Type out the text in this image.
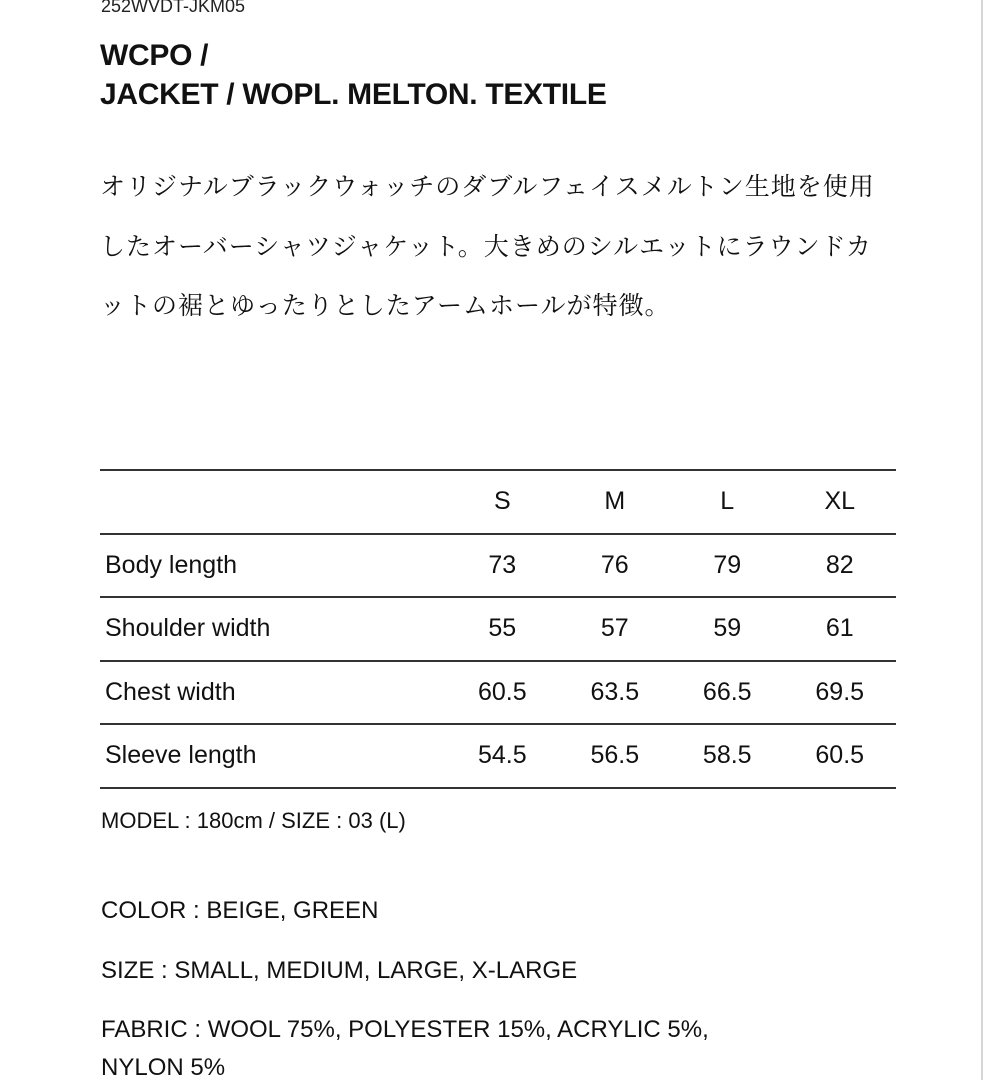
252WVDT-JKM05
WCPO /
JACKET / WOPL. MELTON. TEXTILE
オリジナルブラックウォッチのダブルフェイスメルトン生地を使用したオーバーシャツジャケット。大きめのシルエットにラウンドカットの裾とゆったりとしたアームホールが特徴。
	S	M	L	XL
Body length	73	76	79	82
Shoulder width	55	57	59	61
Chest width	60.5	63.5	66.5	69.5
Sleeve length	54.5	56.5	58.5	60.5
MODEL : 180cm / SIZE : 03 (L)
COLOR : BEIGE, GREEN
SIZE : SMALL, MEDIUM, LARGE, X-LARGE
FABRIC : WOOL 75%, POLYESTER 15%, ACRYLIC 5%,
NYLON 5%
